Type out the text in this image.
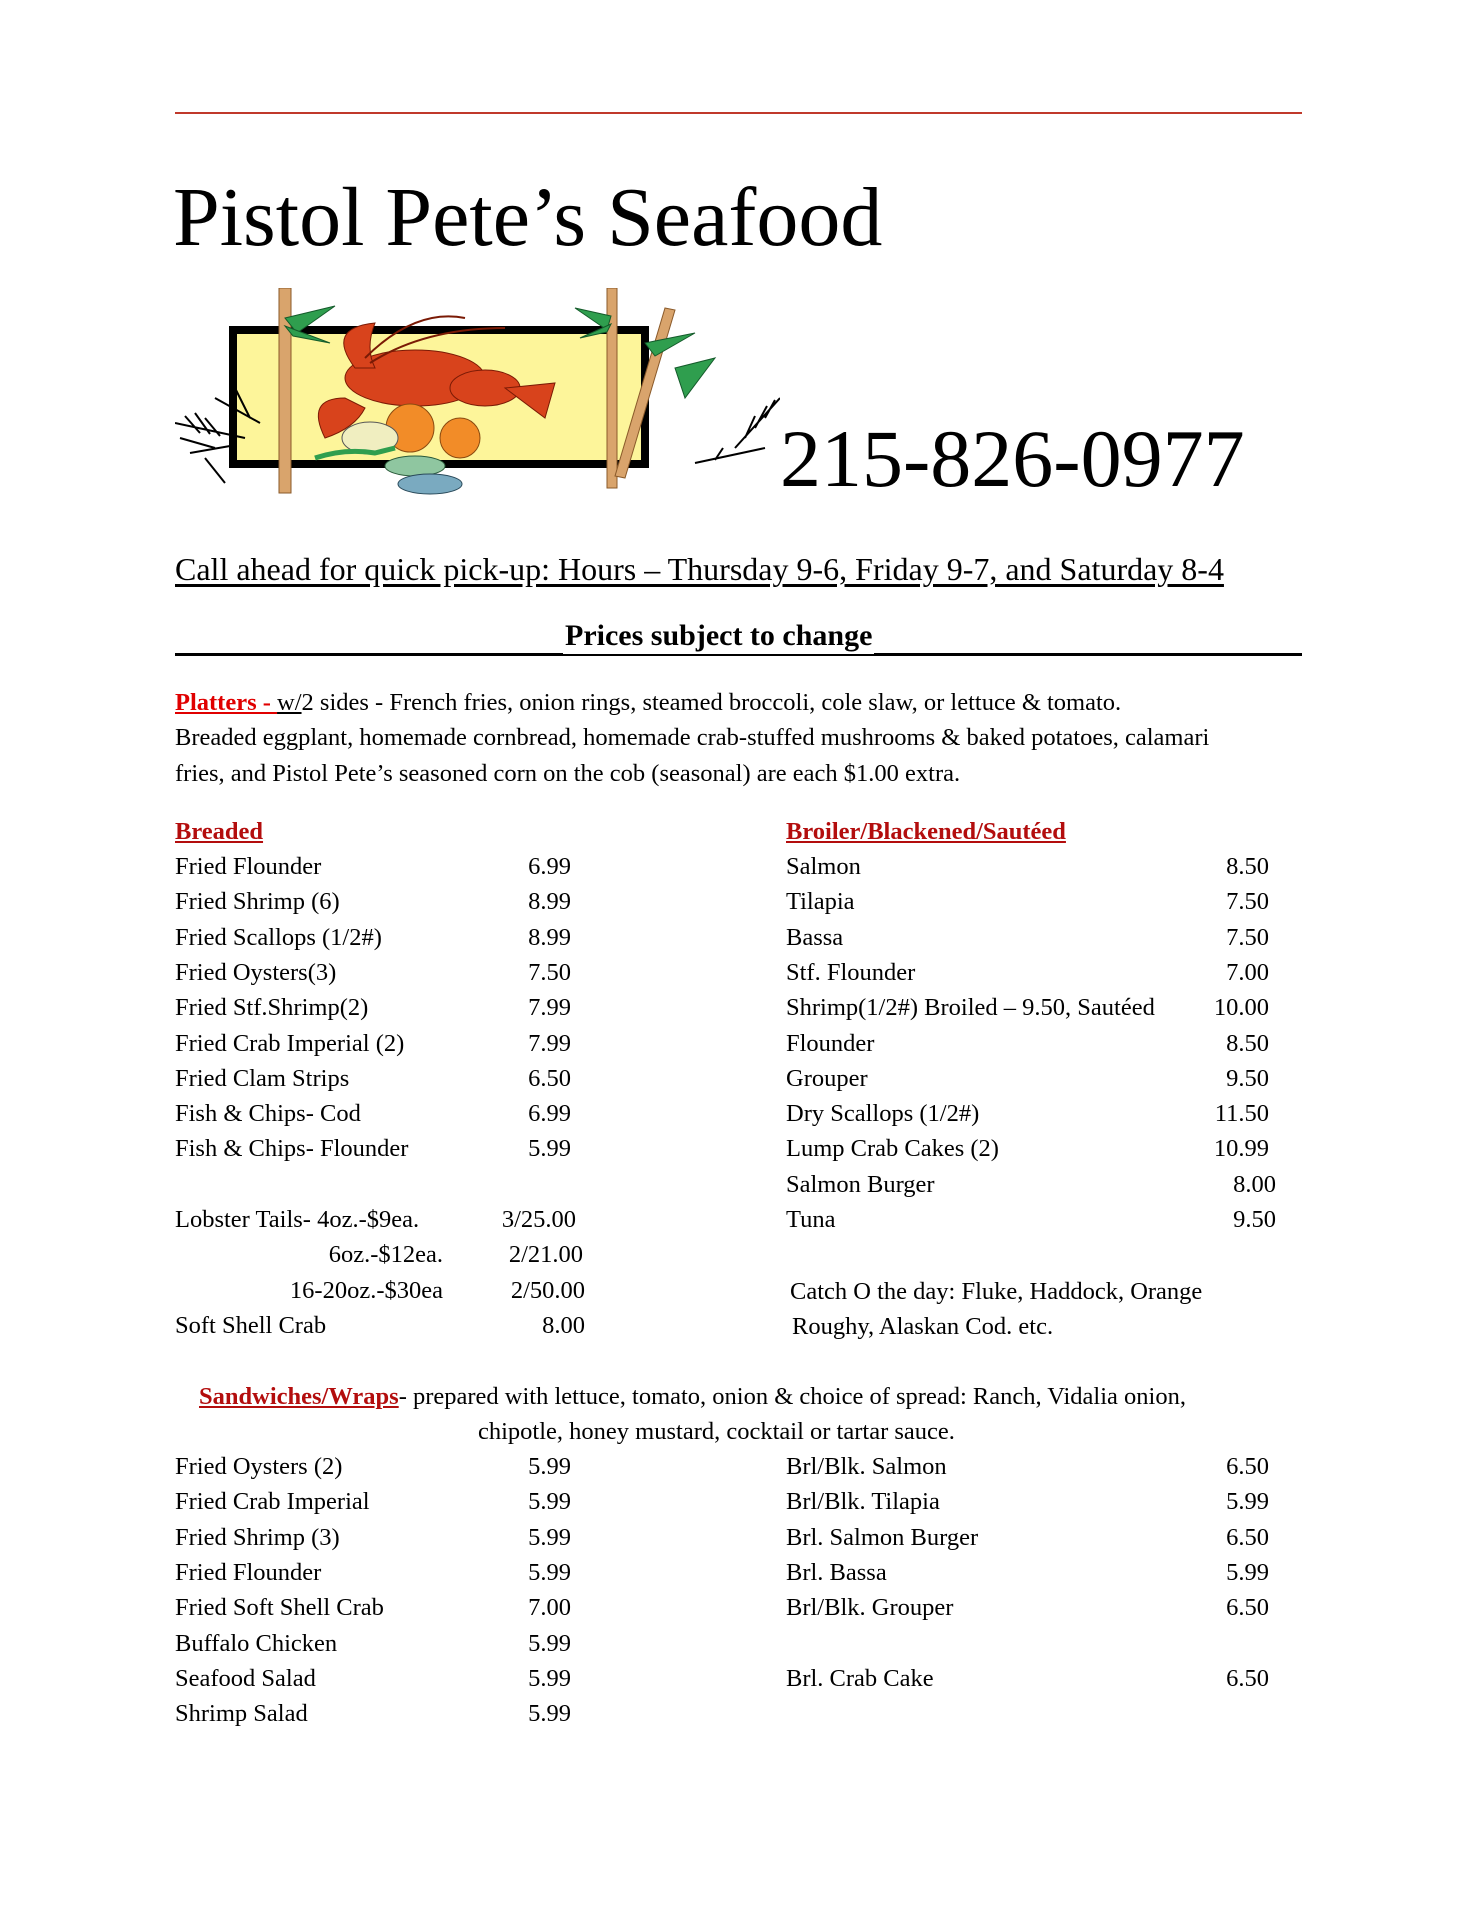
Pistol Pete’s Seafood
215-826-0977
Call ahead for quick pick-up: Hours – Thursday 9-6, Friday 9-7, and Saturday 8-4
Prices subject to change
Platters - w/2 sides - French fries, onion rings, steamed broccoli, cole slaw, or lettuce & tomato.
Breaded eggplant, homemade cornbread, homemade crab-stuffed mushrooms & baked potatoes, calamari
fries, and Pistol Pete’s seasoned corn on the cob (seasonal) are each $1.00 extra.
Breaded
Fried Flounder	6.99
Fried Shrimp (6)	8.99
Fried Scallops (1/2#)	8.99
Fried Oysters(3)	7.50
Fried Stf.Shrimp(2)	7.99
Fried Crab Imperial (2)	7.99
Fried Clam Strips	6.50
Fish & Chips- Cod	6.99
Fish & Chips- Flounder	5.99
Lobster Tails- 4oz.-$9ea.	3/25.00
6oz.-$12ea.	2/21.00
16-20oz.-$30ea	2/50.00
Soft Shell Crab	8.00
Broiler/Blackened/Sautéed
Salmon	8.50
Tilapia	7.50
Bassa	7.50
Stf. Flounder	7.00
Shrimp(1/2#) Broiled – 9.50, Sautéed 10.00
Flounder	8.50
Grouper	9.50
Dry Scallops (1/2#)	11.50
Lump Crab Cakes (2)	10.99
Salmon Burger	8.00
Tuna	9.50
Catch O the day: Fluke, Haddock, Orange
Roughy, Alaskan Cod. etc.
Sandwiches/Wraps- prepared with lettuce, tomato, onion & choice of spread: Ranch, Vidalia onion,
chipotle, honey mustard, cocktail or tartar sauce.
Fried Oysters (2)	5.99
Fried Crab Imperial	5.99
Fried Shrimp (3)	5.99
Fried Flounder	5.99
Fried Soft Shell Crab	7.00
Buffalo Chicken	5.99
Seafood Salad	5.99
Shrimp Salad	5.99
Brl/Blk. Salmon	6.50
Brl/Blk. Tilapia	5.99
Brl. Salmon Burger	6.50
Brl. Bassa	5.99
Brl/Blk. Grouper	6.50
Brl. Crab Cake	6.50
